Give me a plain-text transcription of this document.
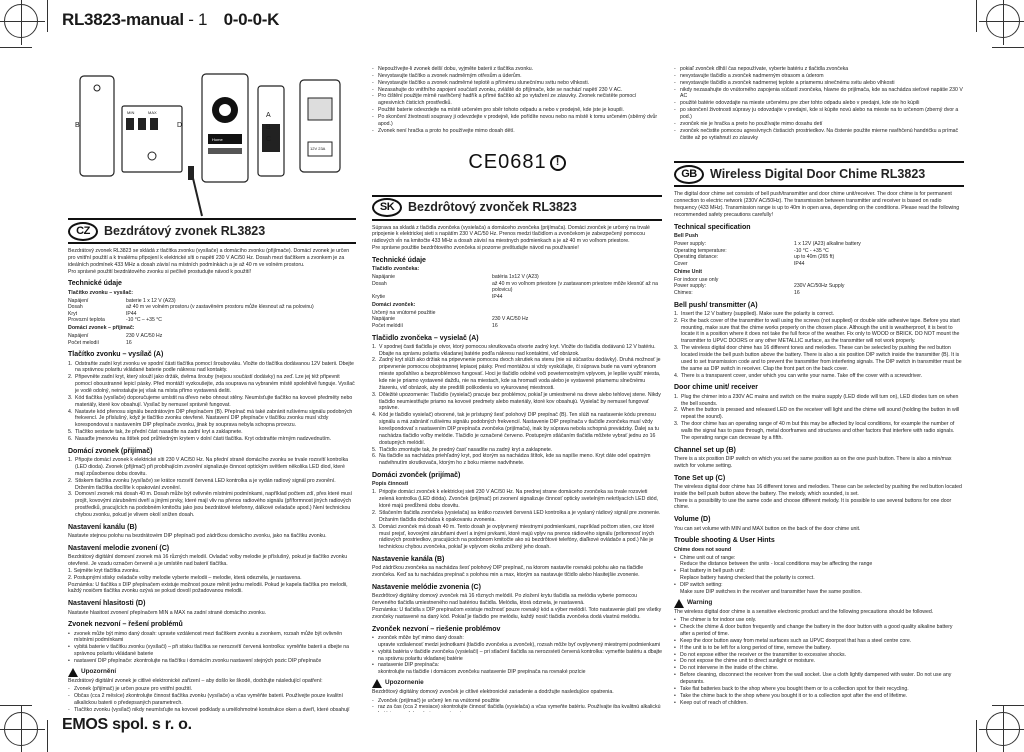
RL3823-manual - 1 0-0-0-K
EMOS spol. s r. o.
B	D
MIN	MAX
Home
A
B
C
12V 23A
CZ	Bezdrátový zvonek RL3823

Bezdrátový zvonek RL3823 se skládá z tlačítka zvonku (vysílače) a domácího zvonku (přijímače). Domácí zvonek je určen pro vnitřní použití a k trvalému připojení k elektrické síti o napětí 230 V AC/50 Hz. Dosah mezi tlačítkem a zvonkem je za ideálních podmínek 433 MHz a dosah závisí na místních podmínkách a je až 40 m ve volném prostoru.
Pro správné použití bezdrátového zvonku si pečlivě prostudujte návod k použití!

Technické údaje
Tlačítko zvonku – vysílač:
Napájení	baterie 1 x 12 V (A23)
Dosah	až 40 m ve volném prostoru (v zastavěném prostoru může klesnout až na polovinu)
Kryt	IP44
Provozní teplota	-10 °C – +35 °C
Domácí zvonek – přijímač:
Napájení	230 V AC/50 Hz
Počet melodií	16
Tlačítko zvonku – vysílač (A)
1. Odstraňte zadní kryt zvonku ve spodní části tlačítka pomocí šroubováku. Vložte do tlačítka dodávanou 12V baterii. Dbejte na správnou polaritu vkládané baterie podle nákresu nad kontakty.
2. Připevněte zadní kryt, který slouží jako držák, dvěma šrouby (nejsou součástí dodávky) na zeď. Lze jej též připevnit pomocí oboustranné lepicí pásky. Před montáží vyzkoušejte, zda souprava na vybraném místě spolehlivě funguje. Vysílač je vodě odolný, neinstalujte jej však na místa přímo vystavená dešti.
3. Kód tlačítka (vysílače) doporučujeme umístit na dřevo nebo ohnout stěny. Neumísťujte tlačítko na kovové předměty nebo materiály, které kov obsahují. Vysílač by nemusel správně fungovat.
4. Nastavte kód přenosu signálu bezdrátovým DIP přepínačem (B). Přepínač má také zabránit rušivému signálu podobných frekvencí. Je příslušný, když je tlačítko zvonku otevřené. Nastavení DIP přepínače v tlačítku zvonku musí vždy korespondovat s nastavením DIP přepínače zvonku, jinak by souprava nebyla schopna provozu.
5. Tlačítko sestavte tak, že přední část nasadíte na zadní kryt a zaklapnete.
6. Nasaďte jmenovku na štítek pod průhledným krytem v dolní části tlačítka. Kryt odstraňte mírným nadzvednutím.
Domácí zvonek (přijímač)
1. Připojte domácí zvonek k elektrické síti 230 V AC/50 Hz. Na přední straně domácího zvonku se trvale rozsvítí kontrolka (LED dioda). Zvonek (přijímač) při probíhajícím zvonění signalizuje činnost optickým světlem několika LED diod, které mají způsobenou dobu dosvitu.
2. Stiskem tlačítka zvonku (vysílače) se krátce rozsvítí červená LED kontrolka a je vydán radiový signál pro zvonění. Držením tlačítka docílíte k opakování zvonění.
3. Domovní zvonek má dosah 40 m. Dosah může být ovlivněn místními podmínkami, například počtem zdí, přes které musí projít, kovovými zárubněmi dveří a jinými prvky, které mají vliv na přenos radiového signálu (příformnost jiných radiových prostředků, pracujících na podobném kmitočtu jako jsou bezdrátové telefonny, dálkové ovladače apod.) Není technickou chybou zvonku, pokud je vlivem okolí snížen dosah.
Nastavení kanálu (B)

Nastavte stejnou polohu na bezdrátovém DIP přepínači pod zádrčkou domácího zvonku, jako na tlačítku zvonku.

Nastavení melodie zvonení (C)

Bezdrátový digitální domovní zvonek má 16 různých melodií. Ovladač volby melodie je příslušný, pokud je tlačítko zvonku otevřené. Je vzadu označen červeně a je umístěn nad baterií tlačítka.
1. Sejměte kryt tlačítka zvonku.
2. Postupnými stisky ovladače volby melodie vyberte melodii – melodie, která odeznéla, je nastavena.
Poznámka: U tlačítka s DIP přepínačem existuje možnost pouze měnit jednu melodii. Pokud je kapela tlačítka pro melodii, každý nosičem tlačítka zvonku ozývá se pokud dovolí požadovanou melodii.

Nastavení hlasitosti (D)

Nastavte hlasitost zvonení přepínačem MIN a MAX na zadní straně domácího zvonku.

Zvonek nezvoní – řešení problémů
• zvonek může být mimo daný dosah: upravte vzdálenost mezi tlačítkem zvonku a zvonkem, rozsah může být ovlivněn místními podmínkami
• vybitá baterie v tlačítku zvonku (vysílači) – při stisku tlačítka se nerozsvítí červená kontrolka: vyměňte baterii a dbejte na správnou polaritu vkládané baterie
• nastavení DIP přepínače: zkontrolujte na tlačítku i domácím zvonku nastavení stejných pozic DIP přepínače
Upozornění

Bezdrátový digitální zvonek je citlivé elektronické zařízení – aby došlo ke škodě, dodržujte následující opatření:

- Zvonek (přijímač) je určen pouze pro vnitřní použití.
- Občas (cca 2 měsíce) zkontrolujte činnost tlačítka zvonku (vysílače) a včas vyměňte baterii. Používejte pouze kvalitní alkalickou baterii o předepsaných parametrech.
- Tlačítko zvonku (vysílač) nikdy neumísťujte na kovové podklady a umělohmotné konstrukce oken a dveří, které obsahují
- Nepoužívejte-li zvonek delší dobu, vyjměte baterii z tlačítka zvonku.
- Nevystavujte tlačítko a zvonek nadměrným otřesům a úderům.
- Nevystavujte tlačítko a zvonek nadměrné teplotě a přímému slunečnímu svitu nebo vlhkosti.
- Nezasahujte do vnitřního zapojení součástí zvonku, zvláště do přijímače, kde se nachází napětí 230 V AC.
- Pro čištění použijte mírně navlhčený hadřík a přímé tlačítko až po vytažení ze zásuvky. Zvonek nečistěte pomocí agresivních čisticích prostředků.
- Použité baterie odevzdejte na místě určeném pro sběr tohoto odpadu a nebo v prodejně, kde jste je koupili.
- Po skončení životnosti soupravy ji odevzdejte v prodejně, kde pořídíte novou nebo na místě k tomu určeném (sběrný dvůr apod.)
- Zvonek není hračka a proto ho používejte mimo dosah dětí.
CE0681 !
SK	Bezdrôtový zvonček RL3823

Súprava sa skladá z tlačidla zvončeka (vysielača) a domáceho zvončeka (prijímača). Domáci zvonček je určený na trvalé pripojenie k elektrickej sieti s napätím 230 V AC/50 Hz. Prenos medzi tlačidlom a zvončekom je zabezpečený pomocou rádiových vĺn na kmitočte 433 MHz a dosah závisí na miestnych podmienkach a je až 40 m vo voľnom priestore.
Pre správne použitie bezdrôtového zvončeka si pozorne preštudujte návod na používanie!

Technické údaje
Tlačidlo zvončeka:
Napájanie	batéria 1x12 V (A23)
Dosah	až 40 m vo voľnom priestore (v zastavanom priestore môže klesnúť až na polovicu)
Krytie	IP44
Domáci zvonček:
Určený na vnútorné použitie
Napájanie	230 V AC/50 Hz
Počet melódií	16
Tlačidlo zvončeka – vysielač (A)
1. V spodnej časti tlačidla je otvor, ktorý pomocou skrutkovača otvorte zadný kryt. Vložte do tlačidla dodávanú 12 V batériu. Dbajte na správnu polaritu vkladanej batérie podľa nákresu nad kontaktmi, viď obrázok.
2. Zadný kryt slúži ako držiak na pripevnenie pomocou dvoch skrutiek na stenu (nie sú súčasťou dodávky). Druhá možnosť je pripevnenie pomocou obojstrannej lepiacej pásky. Pred montážou si vždy vyskúšajte, či súprava bude na vami vybranom mieste spoľahlivo a bezproblémovo fungovať. Hoci je tlačidlo odolné voči poveternostným vplyvom, je lepšie využiť miesta, kde nie je priamo vystavené dažďu, nie na miestach, kde sa hromadí voda alebo je vystavené priamemu slnečnému žiareniu, viď obrázok, aby ste predišli poškodeniu vo vykurovanej miestnosti.
3. Dôležité upozornenie: Tlačidlo (vysielač) pracuje bez problémov, pokiaľ je umiestnené na dreve alebo tehlovej stene. Nikdy tlačidlo neumiestňujte priamo na kovové predmety alebo materiály, ktoré kov obsahujú. Vysielač by nemusel fungovať správne.
4. Kód je tlačidlo vysielač) otvorené, tak je prístupný šesť polohový DIP prepínač (B). Ten slúži na nastavenie kódu prenosu signálu a má zabrániť rušivému signálu podobných frekvencií. Nastavenie DIP prepínača v tlačidle zvončeka musí vždy korešpondovať s nastavením DIP prepínača zvončeka (prijímača), inak by súprava nebola schopná prevádzky. Ďalej sa tu nachádza tlačidlo voľby melódie. Tlačidlo je označené červeno. Postupným stláčaním tlačidla môžete vybrať jednu zo 16 dostupných melódií.
5. Tlačidlo zmontujte tak, že predný časť nasadíte na zadný kryt a zaklapnete.
6. Na tlačidle sa nachádza priehľadný kryt, pod ktorým sa nachádza štítok, kde sa napíše meno. Kryt dáte odel opatrným nadvihnutím skrutkovača, ktorým ho z boku mierne nadvihnete.
Domáci zvonček (prijímač)
Popis činnosti
1. Pripojte domáci zvonček k elektrickej sieti 230 V AC/50 Hz. Na prednej strane domáceho zvončeka sa trvale rozsvieti zelená kontrolka (LED dióda). Zvonček (prijímač) pri zvonení signalizuje činnosť opticky svetelným nekrtlyacích LED diód, ktoré majú predĺženú dobu dosvitu.
2. Stlačením tlačidla zvončeka (vysielača) sa krátko rozsvieti červená LED kontrolka a je vyslaný rádiový signál pre zvonenie. Držaním tlačidla dochádza k opakovaniu zvonenia.
3. Domáci zvonček má dosah 40 m. Tento dosah je ovplyvnený miestnymi podmienkami, napríklad počtom stien, cez ktoré musí prejsť, kovovými zárubňami dverí a inými prvkami, ktoré majú vplyv na prenos rádiového signálu (prítomnosť iných rádiových prostriedkov, pracujúcich na podobnom kmitočte ako sú bezdrôtové telefóny, diaľkové ovládače a pod.) Nie je technickou chybou zvončeka, pokiaľ je vplyvom okolia znížený jeho dosah.
Nastavenie kanála (B)

Pod zádrčkou zvončeka sa nachádza šesť polohový DIP prepínač, na ktorom nastavíte rovnakú polohu ako na tlačidle zvončeka. Keď sa tu nachádza prepínač s polohou min a max, ktorým sa nastavuje tlčidlo alebo hlasitejšie zvonenie.

Nastavenie melódie zvonenia (C)

Bezdrôtový digitálny domový zvonček má 16 rôznych melódií. Po zložení krytu tlačidla sa melódia vyberie pomocou červeného tlačidla umiestneného nad batériou tlačidla. Melódia, ktorá odznela, je nastavená.
Poznámka: U tlačidla s DIP prepínačom existuje možnosť pouze rovnaký kód a výber melódií. Toto nastavenie platí pre všetky zvončeky nastavené na daný kód. Pokiaľ je tlačidlo pre melódiu, každý nosič tlačidla zvončeka dodá vlastnú melódiu.

Zvonček nezvoní – riešenie problémov
• zvonček môže byť mimo daný dosah:
upravte vzdialenosť medzi jednotkami (tlačidlo zvončeka a zvonček), rozsah môže byť ovplyvnený miestnymi podmienkami
• vybitá batéria v tlačidle zvončeka (vysielači) – pri stlačení tlačidla sa nerozsvieti červená kontrolka: vymeňte batériu a dbajte na správnu polaritu vkladanej batérie
• nastavenie DIP prepínača:
skontrolujte na tlačidle i domácom zvončeku nastavenie DIP prepínača na rovnaké pozície
Upozornenie

Bezdrôtový digitálny domový zvonček je citlivé elektronické zariadenie a dodržujte nasledujúce opatrenia.

- Zvonček (prijímač) je určený len na vnútorné použitie
- raz za čas (cca 2 mesiace) skontrolujte činnosť tlačidla (vysielača) a včas vymeňte batériu. Používajte iba kvalitnú alkalickú
- pokiaľ zvonček dlhší čas nepoužívate, vyberte batériu z tlačidla zvončeka
- nevystavujte tlačidlo a zvonček nadmerným otrasom a úderom
- nevystavujte tlačidlo a zvonček nadmernej teplote a priamemu slnečnému svitu alebo vlhkosti
- nikdy nezasahujte do vnútorného zapojenia súčastí zvončeka, hlavne do prijímača, kde sa nachádza sieťové napätie 230 V AC
- použité batérie odovzdajte na mieste určenému pre zber tohto odpadu alebo v predajni, kde ste ho kúpili
- po skončení životnosti súpravy ju odovzdajte v predajni, kde si kúpite novú alebo na mieste na to určenom (zberný dvor a pod.)
- zvonček nie je hračka a preto ho používajte mimo dosahu detí
- zvonček nečistite pomocou agresívnych čistiacich prostriedkov. Na čistenie použite mierne navlhčenú handričku a prímač čistite až po vytiahnutí zo zásuvky
GB	Wireless Digital Door Chime RL3823

The digital door chime set consists of bell push/transmitter and door chime unit/receiver. The door chime is for permanent connection to electric network (230V AC/50Hz). The transmission between transmitter and receiver is based on radio frequency (433 MHz). Transmission range is up to 40m in open area, depending on the conditions. Please read the following recommended safety precautions carefully!

Technical specification
Bell Push
Power supply:	1 x 12V (A23) alkaline battery
Operating temperature:	-10 °C - +35 °C
Operating distance:	up to 40m (265 ft)
Cover	IP44
Chime Unit

For indoor use only

Power supply:	230V AC/50Hz Supply
Chimes:	16
Bell push/ transmitter (A)
1. Insert the 12 V battery (supplied). Make sure the polarity is correct.
2. Fix the back cover of the transmitter to wall using the screws (not supplied) or double side adhesive tape. Before you start mounting, make sure that the chime works properly on the chosen place. Although the unit is weatherproof, it is best to locate it in a position where it does not take the full force of the weather. Fix only to WOOD or BRICK. DO NOT mount the transmitter to UPVC DOORS or any other METALLIC surface, as the transmitter will not work properly.
3. The wireless digital door chime has 16 different tones and melodies. These can be selected by pushing the red button located inside the bell push button above the battery. There is also a six position DIP switch inside the transmitter (B). It is used to set transmission code and to prevent the transmitter from interfering signals. The DIP switch in transmitter must be the same as DIP switch in receiver. Clap the front part on the back cover.
4. There is a transparent cover, under which you can write your name. Take off the cover with a screwdriver.
Door chime unit/ receiver
1. Plug the chimer into a 230V AC mains and switch on the mains supply (LED diode will turn on), LED diodes turn on when the bell sounds.
2. When the button is pressed and released LED on the receiver will light and the chime will sound (holding the button in will repeat the sound).
3. The door chime has an operating range of 40 m but this may be affected by local conditions, for example the number of walls the signal has to pass through, metal doorframes and structures and other factors that interfere with radio signals. The operating range can decrease by a fifth.
Channel set up (B)

There is a six position DIP switch on which you set the same position as on the one push button. There is also a min/max switch for volume setting.

Tone Set up (C)

The wireless digital door chime has 16 different tones and melodies. These can be selected by pushing the red button located inside the bell push button above the battery. The melody, which sounded, is set.
There is a possibility to use the same code and choose different melody. It is possible to use several buttons for one door chime.

Volume (D)

You can set volume with MIN and MAX button on the back of the door chime unit.

Trouble shooting & User Hints
Chime does not sound
• Chime unit out of range:
Reduce the distance between the units - local conditions may be affecting the range
• Flat battery in bell push unit:
Replace battery having checked that the polarity is correct.
• DIP switch setting:
Make sure DIP switches in the receiver and transmitter have the same position.
Warning

The wireless digital door chime is a sensitive electronic product and the following precautions should be followed.

• The chimer is for indoor use only.
• Check the chime & door button frequently and change the battery in the door button with a good quality alkaline battery after a period of time.
• Keep the door button away from metal surfaces such as UPVC doorpost that has a steel centre core.
• If the unit is to be left for a long period of time, remove the battery.
• Do not expose either the receiver or the transmitter to excessive shocks.
• Do not expose the chime unit to direct sunlight or moisture.
• Do not intervene in the inside of the chime.
• Before cleaning, disconnect the receiver from the wall socket. Use a cloth lightly dampened with water. Do not use any depurants.
• Take flat batteries back to the shop where you bought them or to a collection spot for their recycling.
• Take the chime back to the shop where you bought it or to a collection spot after the end of lifetime.
• Keep out of reach of children.
